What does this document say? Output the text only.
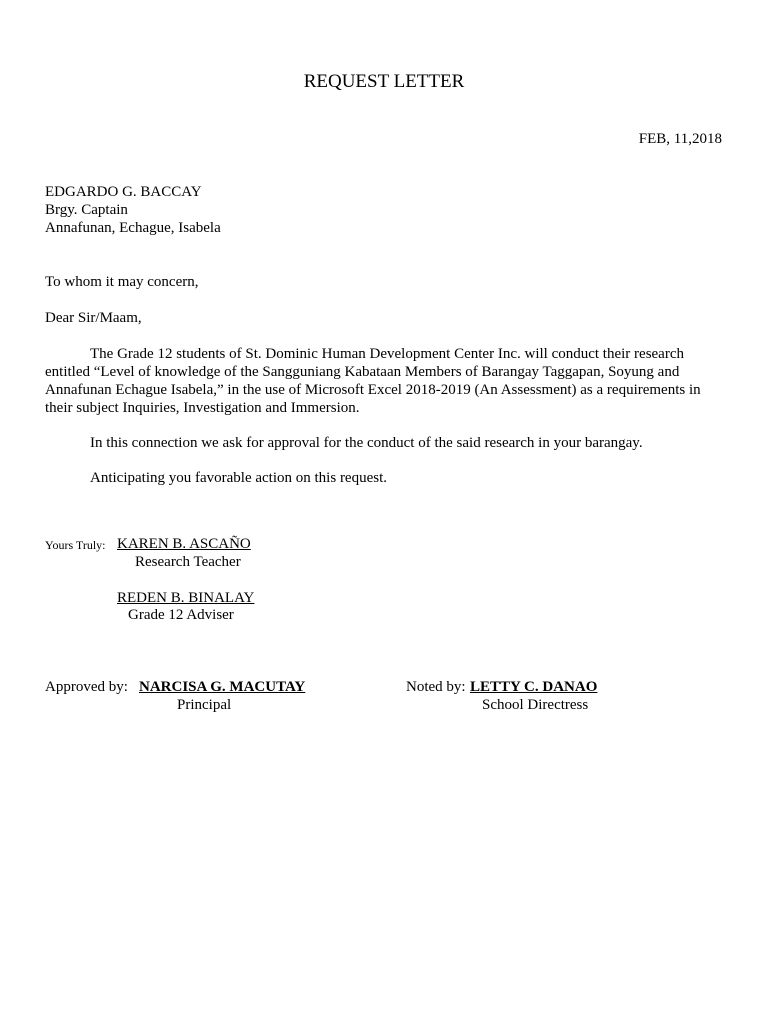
REQUEST LETTER
FEB, 11,2018
EDGARDO G. BACCAY
Brgy. Captain
Annafunan, Echague, Isabela
To whom it may concern,
Dear Sir/Maam,
The Grade 12 students of St. Dominic Human Development Center Inc. will conduct their research entitled “Level of knowledge of the Sangguniang Kabataan Members of Barangay Taggapan, Soyung and Annafunan Echague Isabela,” in the use of Microsoft Excel 2018-2019 (An Assessment) as a requirements in their subject Inquiries, Investigation and Immersion.
In this connection we ask for approval for the conduct of the said research in your barangay.
Anticipating you favorable action on this request.
Yours Truly: KAREN B. ASCAÑO
Research Teacher
REDEN B. BINALAY
Grade 12 Adviser
Approved by: NARCISA G. MACUTAY
Principal
Noted by: LETTY C. DANAO
School Directress
